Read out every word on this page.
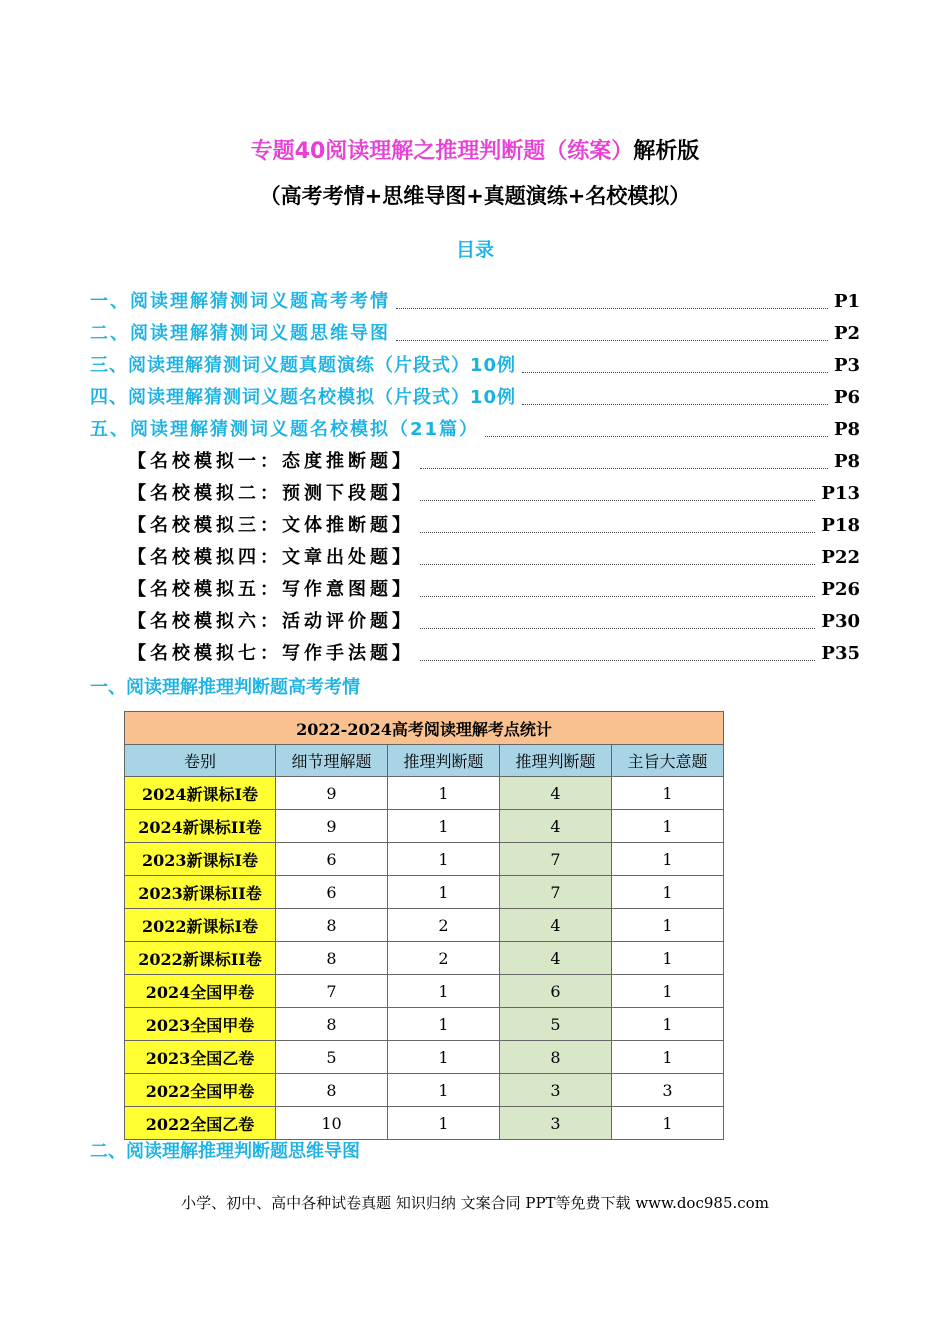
专题40阅读理解之推理判断题（练案）解析版
（高考考情+思维导图+真题演练+名校模拟）
目录
一、阅读理解猜测词义题高考考情	P1
二、阅读理解猜测词义题思维导图	P2
三、阅读理解猜测词义题真题演练（片段式）10例	P3
四、阅读理解猜测词义题名校模拟（片段式）10例	P6
五、阅读理解猜测词义题名校模拟（21篇）	P8
【名校模拟一：态度推断题】	P8
【名校模拟二：预测下段题】	P13
【名校模拟三：文体推断题】	P18
【名校模拟四：文章出处题】	P22
【名校模拟五：写作意图题】	P26
【名校模拟六：活动评价题】	P30
【名校模拟七：写作手法题】	P35
一、阅读理解推理判断题高考考情
2022-2024高考阅读理解考点统计				
卷别	细节理解题	推理判断题	推理判断题	主旨大意题
2024新课标I卷	9	1	4	1
2024新课标II卷	9	1	4	1
2023新课标I卷	6	1	7	1
2023新课标II卷	6	1	7	1
2022新课标I卷	8	2	4	1
2022新课标II卷	8	2	4	1
2024全国甲卷	7	1	6	1
2023全国甲卷	8	1	5	1
2023全国乙卷	5	1	8	1
2022全国甲卷	8	1	3	3
2022全国乙卷	10	1	3	1
二、阅读理解推理判断题思维导图
小学、初中、高中各种试卷真题 知识归纳 文案合同 PPT等免费下载 www.doc985.com
